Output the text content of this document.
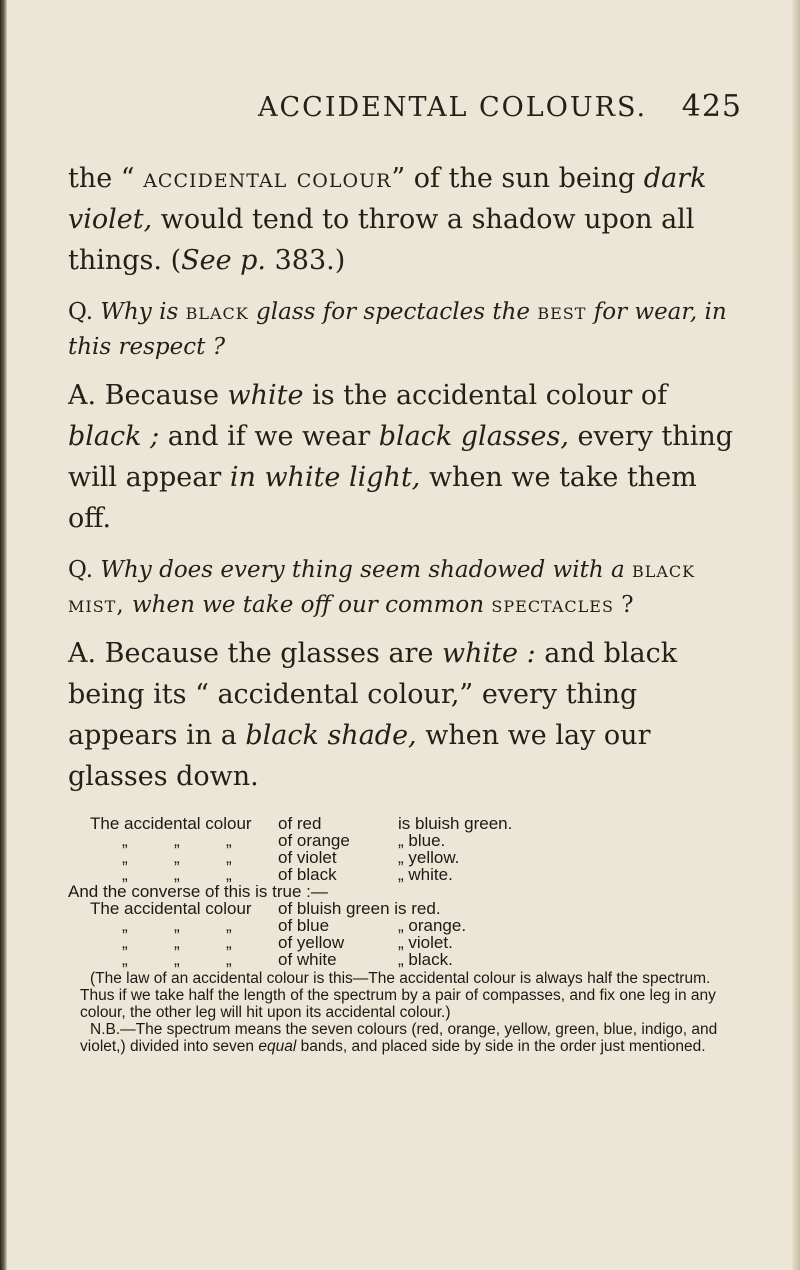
ACCIDENTAL COLOURS. 425

the “ accidental colour” of the sun being dark violet, would tend to throw a shadow upon all things. (See p. 383.)

Q. Why is black glass for spectacles the best for wear, in this respect ?

A. Because white is the accidental colour of black ; and if we wear black glasses, every thing will appear in white light, when we take them off.

Q. Why does every thing seem shadowed with a black mist, when we take off our common spectacles ?

A. Because the glasses are white : and black being its “ accidental colour,” every thing appears in a black shade, when we lay our glasses down.

The accidental colour of red	is bluish green.
„	„	„	of orange	„ blue.
„	„	„	of violet	„ yellow.
„	„	„	of black	„ white.
And the converse of this is true :—
The accidental colour of bluish green is red.
„	„	„	of blue	„ orange.
„	„	„	of yellow	„ violet.
„	„	„	of white	„ black.

(The law of an accidental colour is this—The accidental colour is always half the spectrum. Thus if we take half the length of the spectrum by a pair of compasses, and fix one leg in any colour, the other leg will hit upon its accidental colour.)

N.B.—The spectrum means the seven colours (red, orange, yellow, green, blue, indigo, and violet,) divided into seven equal bands, and placed side by side in the order just mentioned.
